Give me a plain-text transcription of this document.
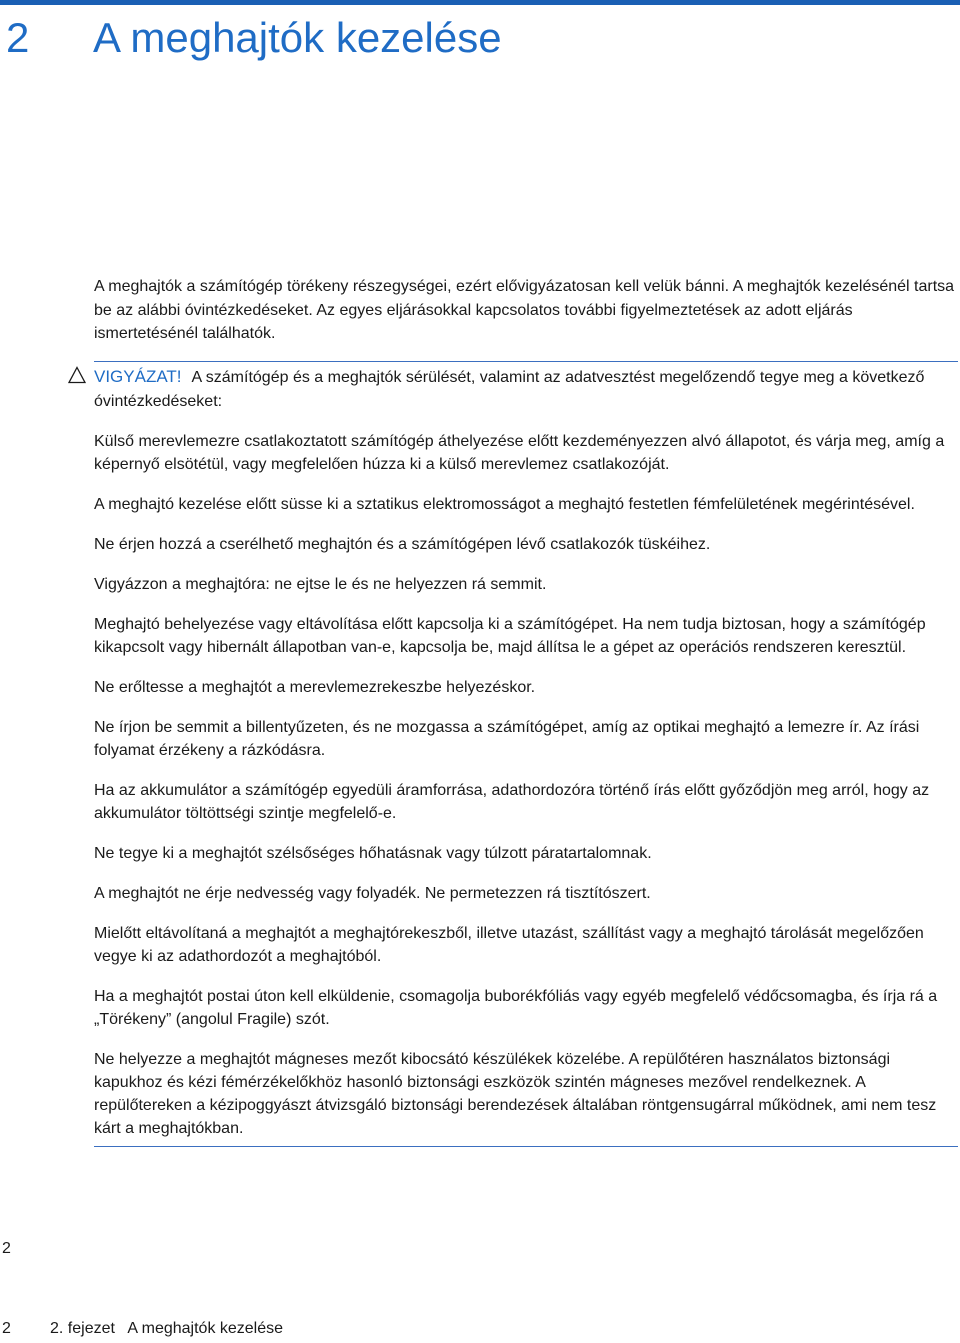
2 A meghajtók kezelése

A meghajtók a számítógép törékeny részegységei, ezért elővigyázatosan kell velük bánni. A meghajtók kezelésénél tartsa be az alábbi óvintézkedéseket. Az egyes eljárásokkal kapcsolatos további figyelmeztetések az adott eljárás ismertetésénél találhatók.

VIGYÁZAT! A számítógép és a meghajtók sérülését, valamint az adatvesztést megelőzendő tegye meg a következő óvintézkedéseket:

Külső merevlemezre csatlakoztatott számítógép áthelyezése előtt kezdeményezzen alvó állapotot, és várja meg, amíg a képernyő elsötétül, vagy megfelelően húzza ki a külső merevlemez csatlakozóját.

A meghajtó kezelése előtt süsse ki a sztatikus elektromosságot a meghajtó festetlen fémfelületének megérintésével.

Ne érjen hozzá a cserélhető meghajtón és a számítógépen lévő csatlakozók tüskéihez.

Vigyázzon a meghajtóra: ne ejtse le és ne helyezzen rá semmit.

Meghajtó behelyezése vagy eltávolítása előtt kapcsolja ki a számítógépet. Ha nem tudja biztosan, hogy a számítógép kikapcsolt vagy hibernált állapotban van-e, kapcsolja be, majd állítsa le a gépet az operációs rendszeren keresztül.

Ne erőltesse a meghajtót a merevlemezrekeszbe helyezéskor.

Ne írjon be semmit a billentyűzeten, és ne mozgassa a számítógépet, amíg az optikai meghajtó a lemezre ír. Az írási folyamat érzékeny a rázkódásra.

Ha az akkumulátor a számítógép egyedüli áramforrása, adathordozóra történő írás előtt győződjön meg arról, hogy az akkumulátor töltöttségi szintje megfelelő-e.

Ne tegye ki a meghajtót szélsőséges hőhatásnak vagy túlzott páratartalomnak.

A meghajtót ne érje nedvesség vagy folyadék. Ne permetezzen rá tisztítószert.

Mielőtt eltávolítaná a meghajtót a meghajtórekeszből, illetve utazást, szállítást vagy a meghajtó tárolását megelőzően vegye ki az adathordozót a meghajtóból.

Ha a meghajtót postai úton kell elküldenie, csomagolja buborékfóliás vagy egyéb megfelelő védőcsomagba, és írja rá a „Törékeny” (angolul Fragile) szót.

Ne helyezze a meghajtót mágneses mezőt kibocsátó készülékek közelébe. A repülőtéren használatos biztonsági kapukhoz és kézi fémérzékelőkhöz hasonló biztonsági eszközök szintén mágneses mezővel rendelkeznek. A repülőtereken a kézipoggyászt átvizsgáló biztonsági berendezések általában röntgensugárral működnek, ami nem tesz kárt a meghajtókban.

2
2 2. fejezet   A meghajtók kezelése
